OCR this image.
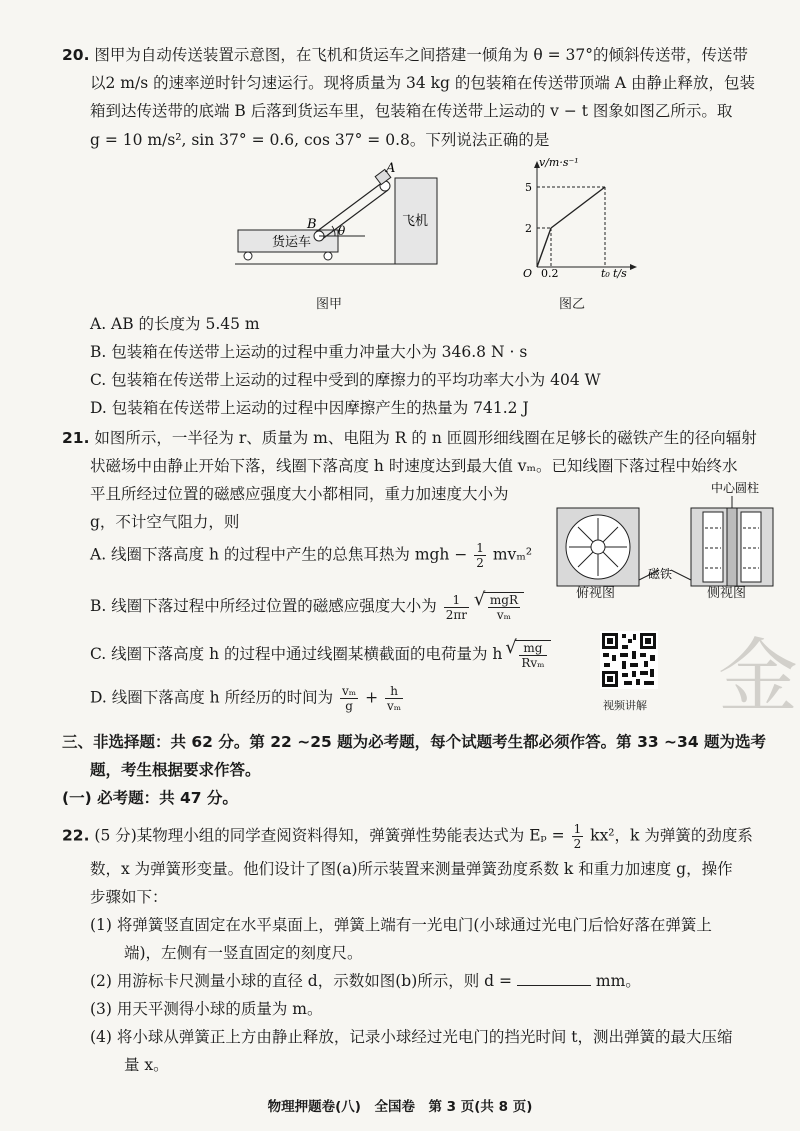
20. 图甲为自动传送装置示意图，在飞机和货运车之间搭建一倾角为 θ = 37°的倾斜传送带，传送带
以2 m/s 的速率逆时针匀速运行。现将质量为 34 kg 的包装箱在传送带顶端 A 由静止释放，包装
箱到达传送带的底端 B 后落到货运车里，包装箱在传送带上运动的 v − t 图象如图乙所示。取
g = 10 m/s², sin 37° = 0.6, cos 37° = 0.8。下列说法正确的是
货运车
飞机
θ
B
A
图甲
v/m·s⁻¹
5
2
O 0.2	t₀ t/s
图乙
A. AB 的长度为 5.45 m
B. 包装箱在传送带上运动的过程中重力冲量大小为 346.8 N · s
C. 包装箱在传送带上运动的过程中受到的摩擦力的平均功率大小为 404 W
D. 包装箱在传送带上运动的过程中因摩擦产生的热量为 741.2 J
21. 如图所示，一半径为 r、质量为 m、电阻为 R 的 n 匝圆形细线圈在足够长的磁铁产生的径向辐射
状磁场中由静止开始下落，线圈下落高度 h 时速度达到最大值 vₘ。已知线圈下落过程中始终水
平且所经过位置的磁感应强度大小都相同，重力加速度大小为
g，不计空气阻力，则
中心圆柱
磁铁
俯视图	侧视图
A. 线圈下落高度 h 的过程中产生的总焦耳热为 mgh − $\frac{1}{2} mv_m^2$
B. 线圈下落过程中所经过位置的磁感应强度大小为 $\frac{1}{2\pi r}$
√ $\frac{\text{mgR}}{\text{vₘ}}$
C. 线圈下落高度 h 的过程中通过线圈某横截面的电荷量为 h √ $\frac{mg}{\text{Rvₘ}}$
D. 线圈下落高度 h 所经历的时间为 $\frac{\text{vₘ}}{g} + \frac{h}{\text{vₘ}}$	视频讲解 金
三、非选择题：共 62 分。第 22 ~25 题为必考题，每个试题考生都必须作答。第 33 ~34 题为选考
题，考生根据要求作答。
(一) 必考题：共 47 分。
22. (5 分)某物理小组的同学查阅资料得知，弹簧弹性势能表达式为 $E_p = \frac{1}{2} kx^2$，k 为弹簧的劲度系
数，x 为弹簧形变量。他们设计了图(a)所示装置来测量弹簧劲度系数 k 和重力加速度 g，操作
步骤如下：
(1) 将弹簧竖直固定在水平桌面上，弹簧上端有一光电门(小球通过光电门后恰好落在弹簧上
端)，左侧有一竖直固定的刻度尺。
(2) 用游标卡尺测量小球的直径 d，示数如图(b)所示，则 d =	mm。
(3) 用天平测得小球的质量为 m。
(4) 将小球从弹簧正上方由静止释放，记录小球经过光电门的挡光时间 t，测出弹簧的最大压缩
量 x。
物理押题卷(八)　全国卷　第 3 页(共 8 页)
